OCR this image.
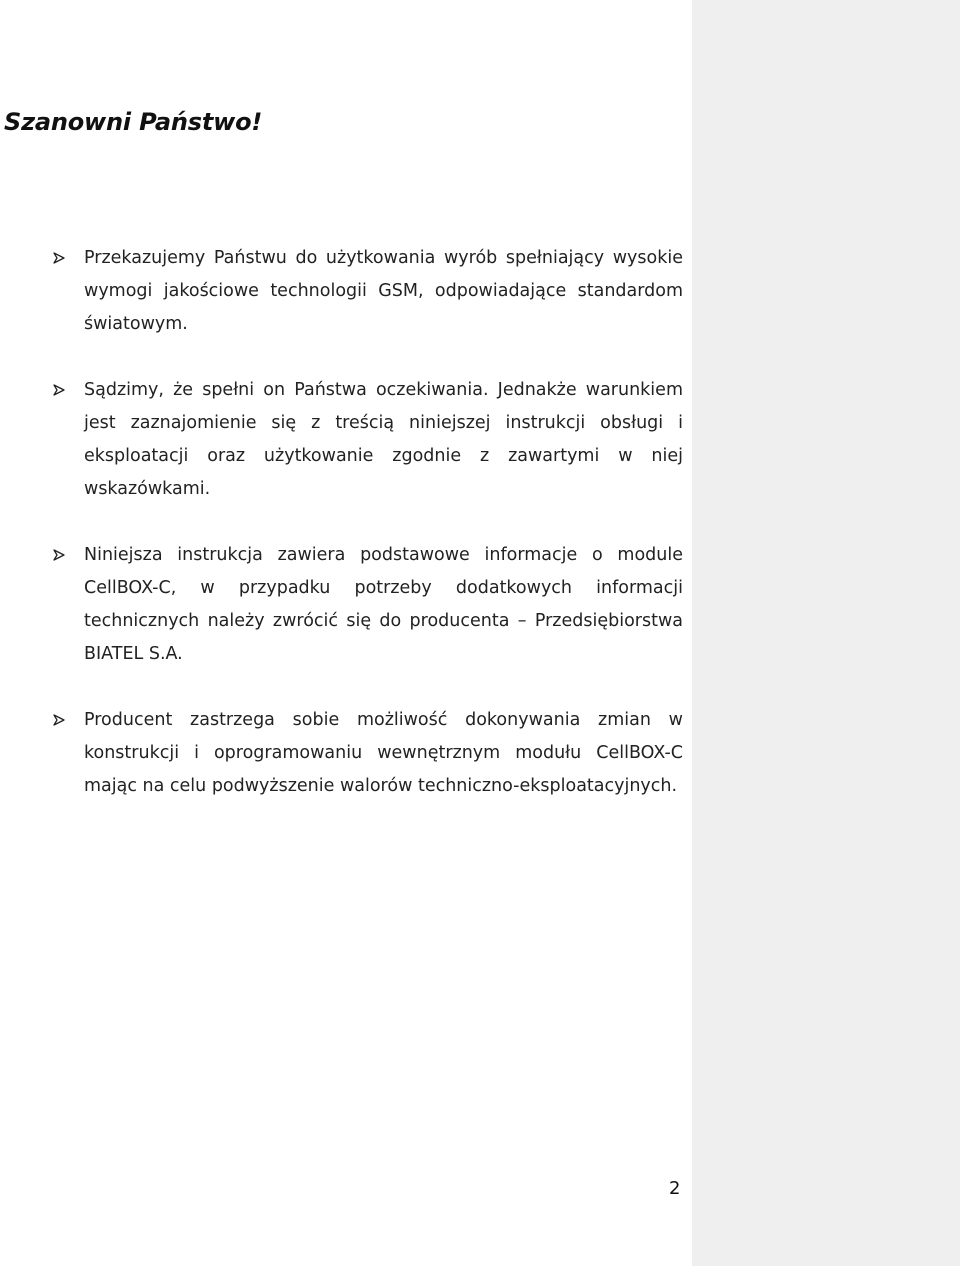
Szanowni Państwo!
Przekazujemy Państwu do użytkowania wyrób spełniający wysokie wymogi jakościowe technologii GSM, odpowiadające standardom światowym.
Sądzimy, że spełni on Państwa oczekiwania. Jednakże warunkiem jest zaznajomienie się z treścią niniejszej instrukcji obsługi i eksploatacji oraz użytkowanie zgodnie z zawartymi w niej wskazówkami.
Niniejsza instrukcja zawiera podstawowe informacje o module CellBOX-C, w przypadku potrzeby dodatkowych informacji technicznych należy zwrócić się do producenta – Przedsiębiorstwa BIATEL S.A.
Producent zastrzega sobie możliwość dokonywania zmian w konstrukcji i oprogramowaniu wewnętrznym modułu CellBOX-C mając na celu podwyższenie walorów techniczno-eksploatacyjnych.
2
